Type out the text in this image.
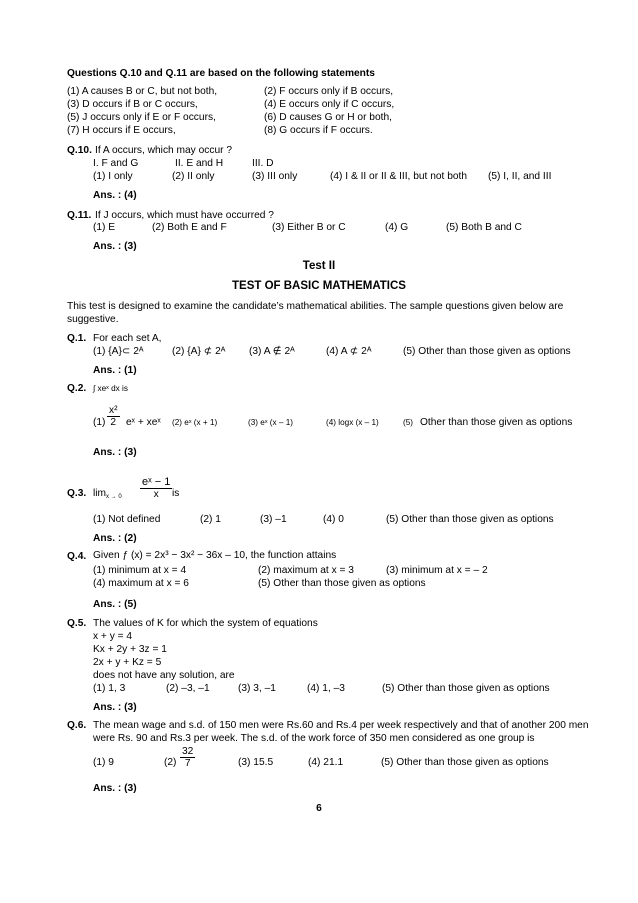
Questions Q.10 and Q.11 are based on the following statements
(1) A causes B or C, but not both,	(2) F occurs only if B occurs,
(3) D occurs if B or C occurs,	(4) E occurs only if C occurs,
(5) J occurs only if E or F occurs,	(6) D causes G or H or both,
(7) H occurs if E occurs,	(8) G occurs if F occurs.
Q.10. If A occurs, which may occur ?
I. F and G	II. E and H	III. D
(1) I only	(2) II only	(3) III only	(4) I & II or II & III, but not both (5) I, II, and III
Ans. : (4)
Q.11. If J occurs, which must have occurred ?
(1) E	(2) Both E and F	(3) Either B or C	(4) G	(5) Both B and C
Ans. : (3)
Test II
TEST OF BASIC MATHEMATICS
This test is designed to examine the candidate’s mathematical abilities. The sample questions given below are
suggestive.
Q.1. For each set A,
(1) {A}⊂ 2ᴬ	(2) {A} ⊄ 2ᴬ (3) A ∉ 2ᴬ	(4) A ⊄ 2ᴬ	(5) Other than those given as options
Ans. : (1)
Q.2. ∫ xeˣ dx is
$(1) \frac{\text{x²}}{2}$ eˣ + xeˣ (2) eˣ (x + 1)	(3) eˣ (x – 1)	(4) logx (x – 1)	(5) Other than those given as options
Ans. : (3)
Q.3. $\lim_{x \to 0} \frac{\text{eˣ − 1}}{x}$ is
(1) Not defined	(2) 1	(3) –1	(4) 0	(5) Other than those given as options
Ans. : (2)
Q.4. Given ƒ (x) = 2x³ − 3x² − 36x – 10, the function attains
(1) minimum at x = 4	(2) maximum at x = 3	(3) minimum at x = – 2
(4) maximum at x = 6	(5) Other than those given as options
Ans. : (5)
Q.5. The values of K for which the system of equations
x + y = 4
Kx + 2y + 3z = 1
2x + y + Kz = 5
does not have any solution, are
(1) 1, 3	(2) –3, –1	(3) 3, –1	(4) 1, –3	(5) Other than those given as options
Ans. : (3)
Q.6. The mean wage and s.d. of 150 men were Rs.60 and Rs.4 per week respectively and that of another 200 men
were Rs. 90 and Rs.3 per week. The s.d. of the work force of 350 men considered as one group is
(1) 9	$(2) \frac{32}{7}$	(3) 15.5	(4) 21.1	(5) Other than those given as options
Ans. : (3)
6
